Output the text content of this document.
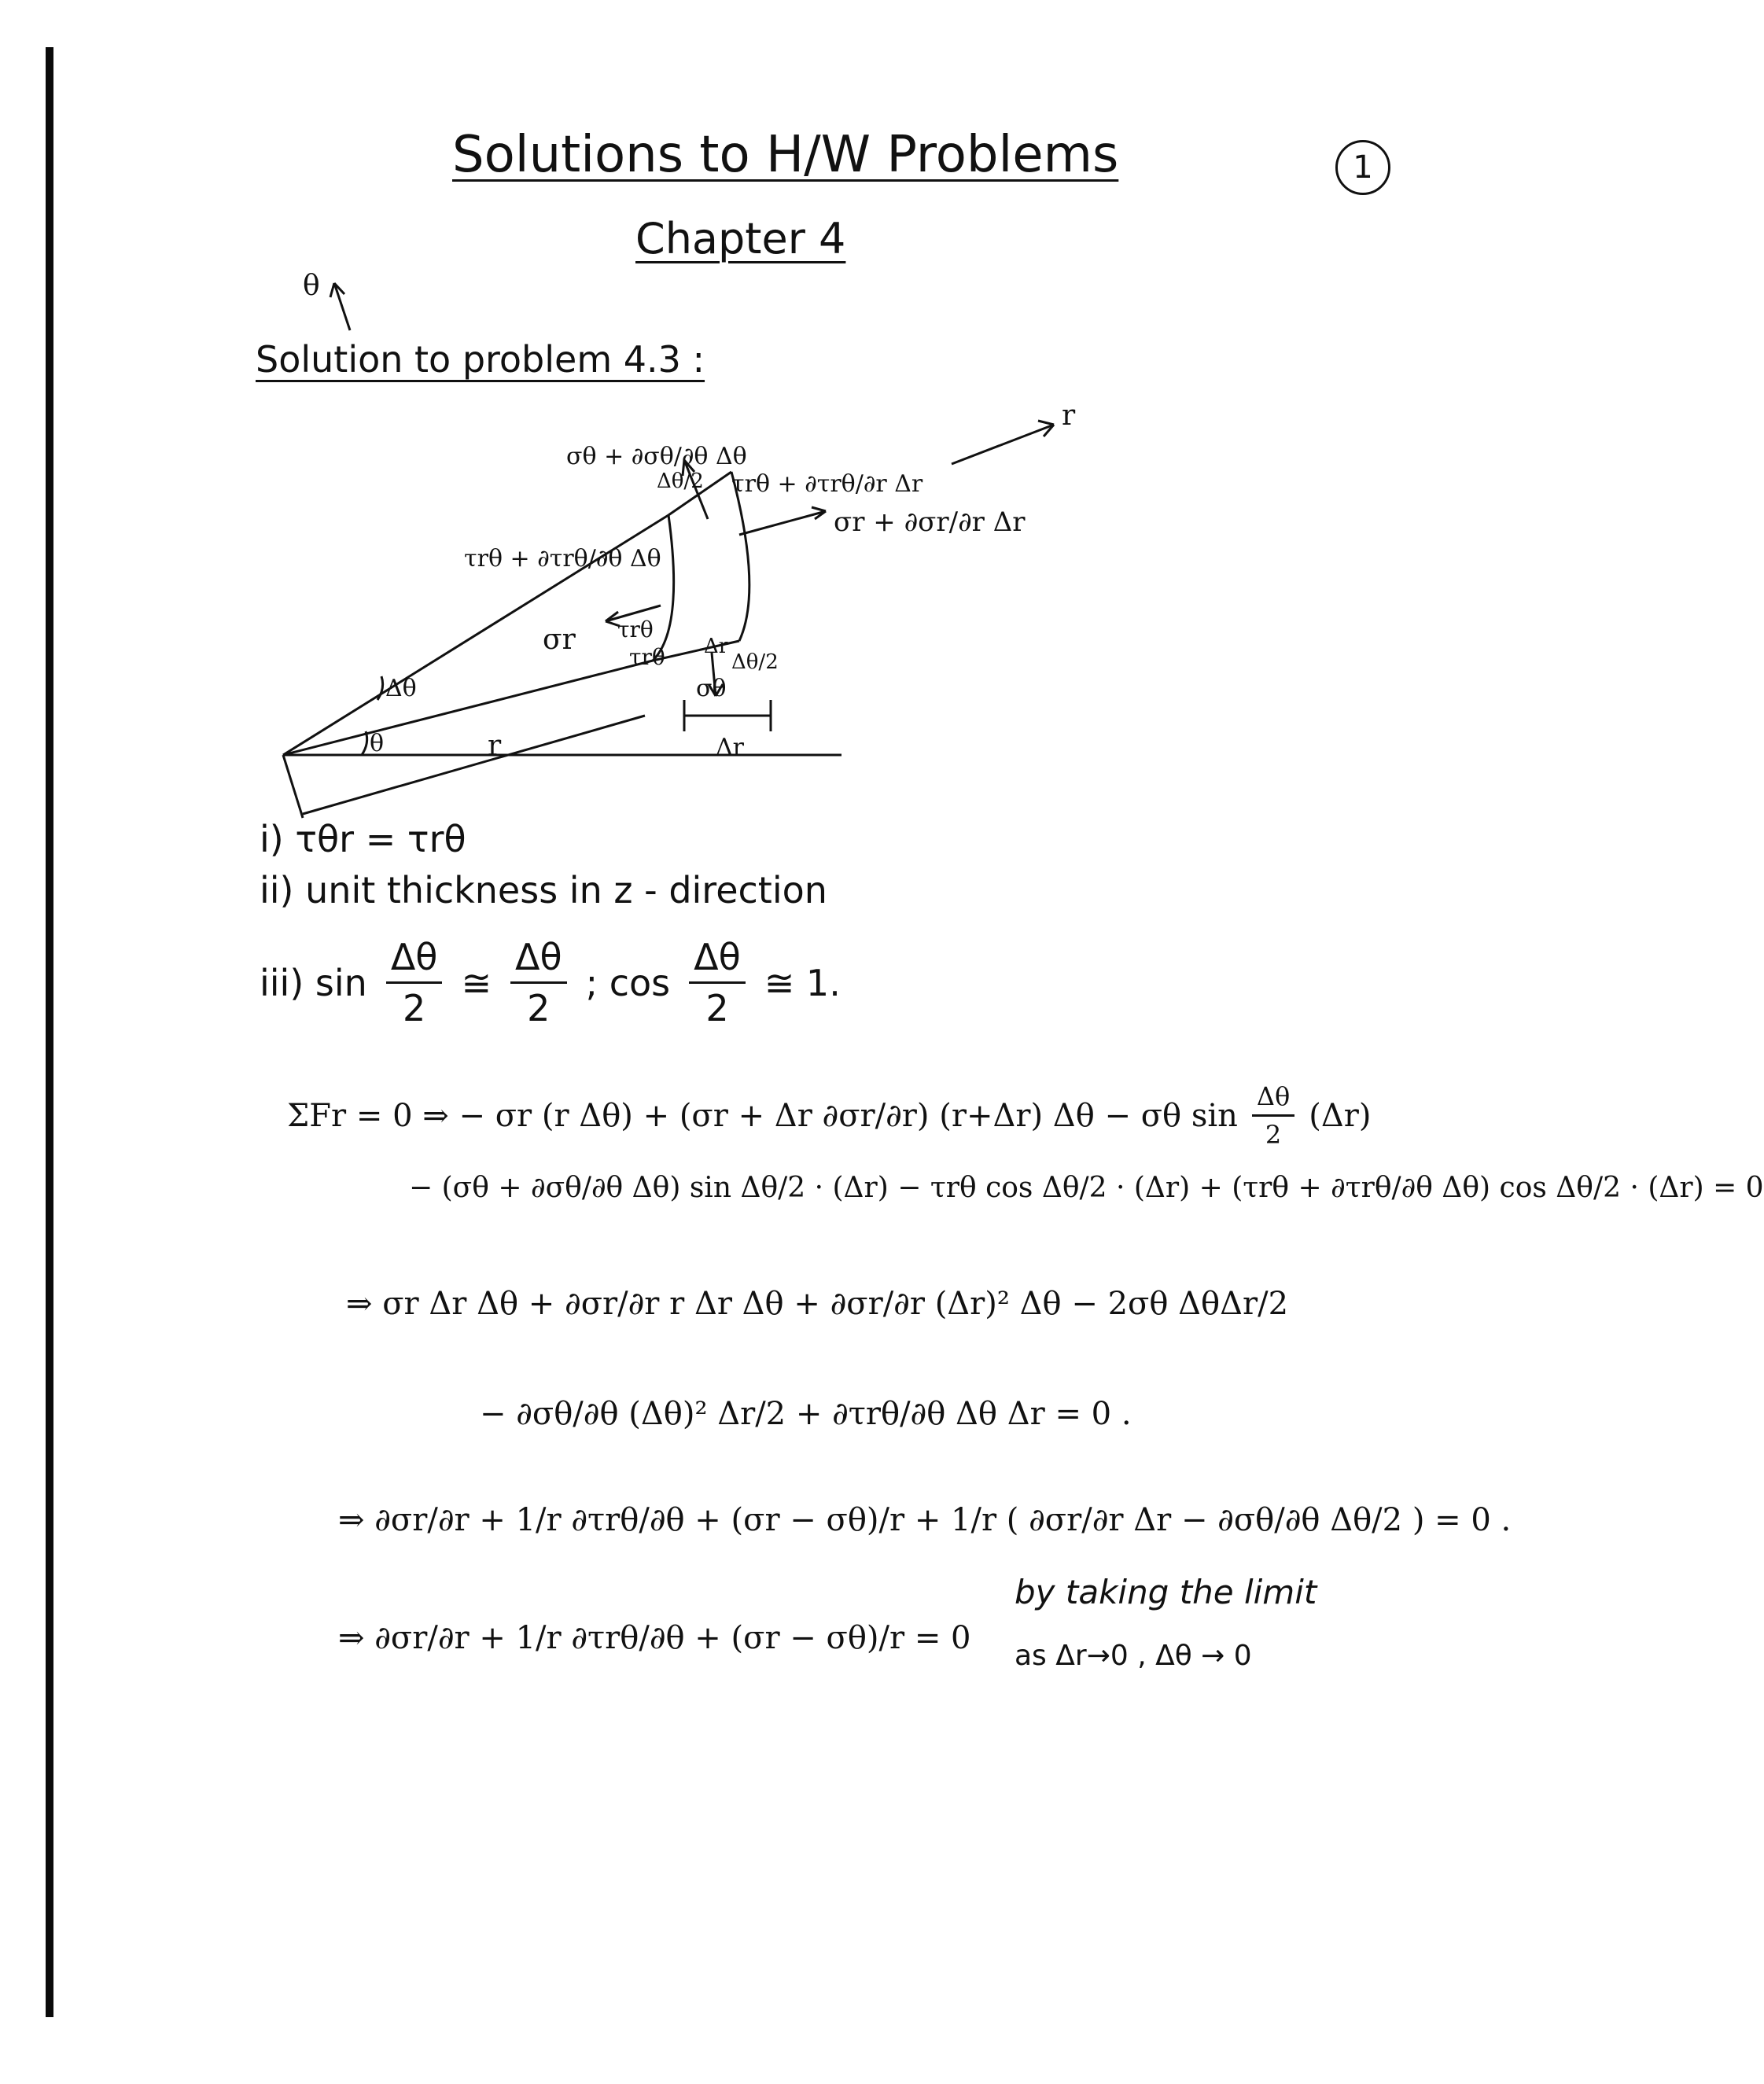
Solutions to H/W Problems	1
Chapter 4
Solution to problem 4.3 :
θ
r
σθ + ∂σθ/∂θ Δθ
τrθ + ∂τrθ/∂θ Δθ
τrθ + ∂τrθ/∂r Δr
σr + ∂σr/∂r Δr
Δθ/2
Δr
σr τrθ
τrθ	Δθ/2
σθ
Δθ
θ	r	Δr
i) τθr = τrθ
ii) unit thickness in z - direction
iii) $\sin \frac{\Delta\theta}{2}$ ≅ $\frac{\Delta\theta}{2}$ ; $\cos \frac{\Delta\theta}{2}$ ≅ 1.
ΣFr = 0 ⇒ − σr (r Δθ) + (σr + Δr ∂σr/∂r) (r+Δr) Δθ − σθ $\sin \frac{\Delta\theta}{2} (\Delta r)$
− (σθ + ∂σθ/∂θ Δθ) sin Δθ/2 · (Δr) − τrθ cos Δθ/2 · (Δr) + (τrθ + ∂τrθ/∂θ Δθ) cos Δθ/2 · (Δr) = 0
⇒ σr Δr Δθ + ∂σr/∂r r Δr Δθ + ∂σr/∂r (Δr)² Δθ − 2σθ ΔθΔr/2
− ∂σθ/∂θ (Δθ)² Δr/2 + ∂τrθ/∂θ Δθ Δr = 0 .
⇒ ∂σr/∂r + 1/r ∂τrθ/∂θ + (σr − σθ)/r + 1/r ( ∂σr/∂r Δr − ∂σθ/∂θ Δθ/2 ) = 0 .
⇒ ∂σr/∂r + 1/r ∂τrθ/∂θ + (σr − σθ)/r = 0
by taking the limit
as Δr→0 , Δθ → 0
